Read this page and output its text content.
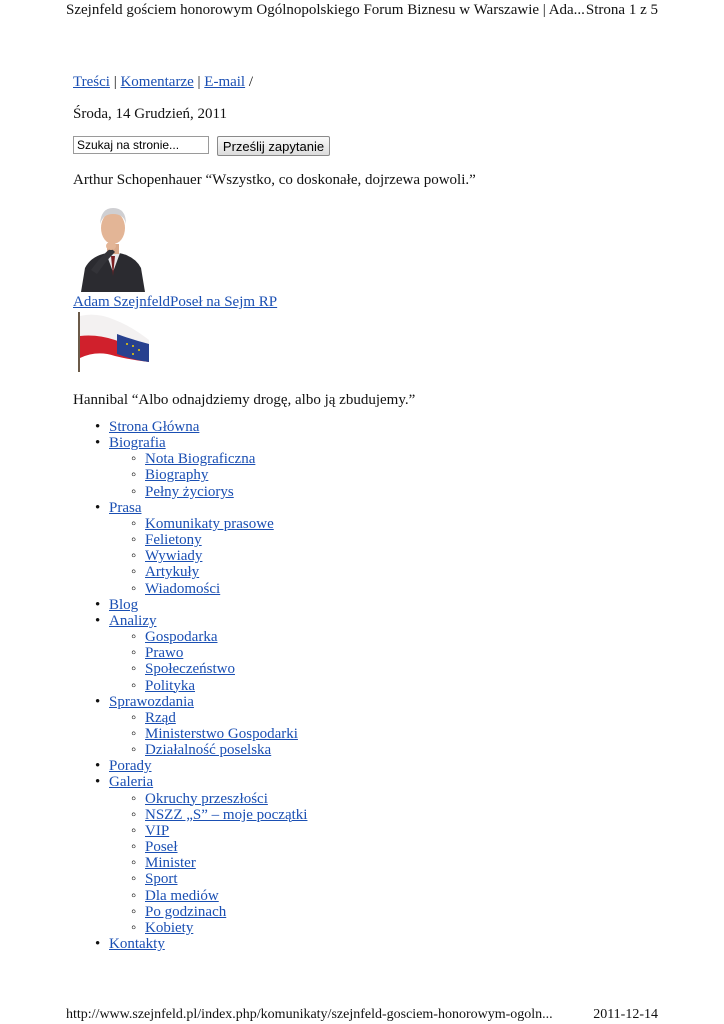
Szejnfeld gościem honorowym Ogólnopolskiego Forum Biznesu w Warszawie | Ada... Strona 1 z 5
Treści | Komentarze | E-mail /
Środa, 14 Grudzień, 2011
Szukaj na stronie...
Prześlij zapytanie
Arthur Schopenhauer “Wszystko, co doskonałe, dojrzewa powoli.”
Adam SzejnfeldPoseł na Sejm RP
Hannibal “Albo odnajdziemy drogę, albo ją zbudujemy.”
• Strona Główna
• Biografia
◦ Nota Biograficzna
◦ Biography
◦ Pełny życiorys
• Prasa
◦ Komunikaty prasowe
◦ Felietony
◦ Wywiady
◦ Artykuły
◦ Wiadomości
• Blog
• Analizy
◦ Gospodarka
◦ Prawo
◦ Społeczeństwo
◦ Polityka
• Sprawozdania
◦ Rząd
◦ Ministerstwo Gospodarki
◦ Działalność poselska
• Porady
• Galeria
◦ Okruchy przeszłości
◦ NSZZ „S” – moje początki
◦ VIP
◦ Poseł
◦ Minister
◦ Sport
◦ Dla mediów
◦ Po godzinach
◦ Kobiety
• Kontakty
http://www.szejnfeld.pl/index.php/komunikaty/szejnfeld-gosciem-honorowym-ogoln...	2011-12-14
